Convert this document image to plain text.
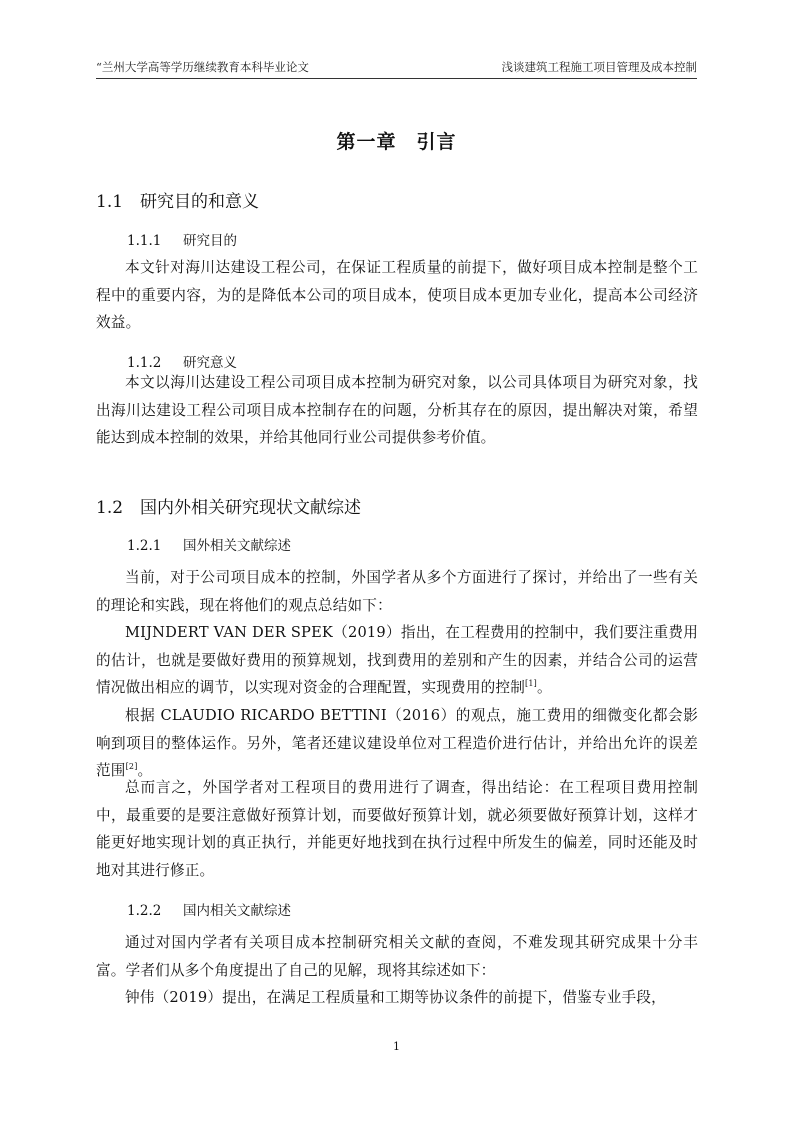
“兰州大学高等学历继续教育本科毕业论文	浅谈建筑工程施工项目管理及成本控制
第一章　引言
1.1 研究目的和意义
1.1.1 研究目的

本文针对海川达建设工程公司，在保证工程质量的前提下，做好项目成本控制是整个工程中的重要内容，为的是降低本公司的项目成本，使项目成本更加专业化，提高本公司经济效益。

1.1.2 研究意义

本文以海川达建设工程公司项目成本控制为研究对象，以公司具体项目为研究对象，找出海川达建设工程公司项目成本控制存在的问题，分析其存在的原因，提出解决对策，希望能达到成本控制的效果，并给其他同行业公司提供参考价值。

1.2 国内外相关研究现状文献综述
1.2.1 国外相关文献综述

当前，对于公司项目成本的控制，外国学者从多个方面进行了探讨，并给出了一些有关的理论和实践，现在将他们的观点总结如下：

MIJNDERT VAN DER SPEK（2019）指出，在工程费用的控制中，我们要注重费用的估计，也就是要做好费用的预算规划，找到费用的差别和产生的因素，并结合公司的运营情况做出相应的调节，以实现对资金的合理配置，实现费用的控制[1]。

根据 CLAUDIO RICARDO BETTINI（2016）的观点，施工费用的细微变化都会影响到项目的整体运作。另外，笔者还建议建设单位对工程造价进行估计，并给出允许的误差范围[2]。

总而言之，外国学者对工程项目的费用进行了调查，得出结论：在工程项目费用控制中，最重要的是要注意做好预算计划，而要做好预算计划，就必须要做好预算计划，这样才能更好地实现计划的真正执行，并能更好地找到在执行过程中所发生的偏差，同时还能及时地对其进行修正。

1.2.2 国内相关文献综述

通过对国内学者有关项目成本控制研究相关文献的查阅，不难发现其研究成果十分丰富。学者们从多个角度提出了自己的见解，现将其综述如下：

钟伟（2019）提出，在满足工程质量和工期等协议条件的前提下，借鉴专业手段，

1
